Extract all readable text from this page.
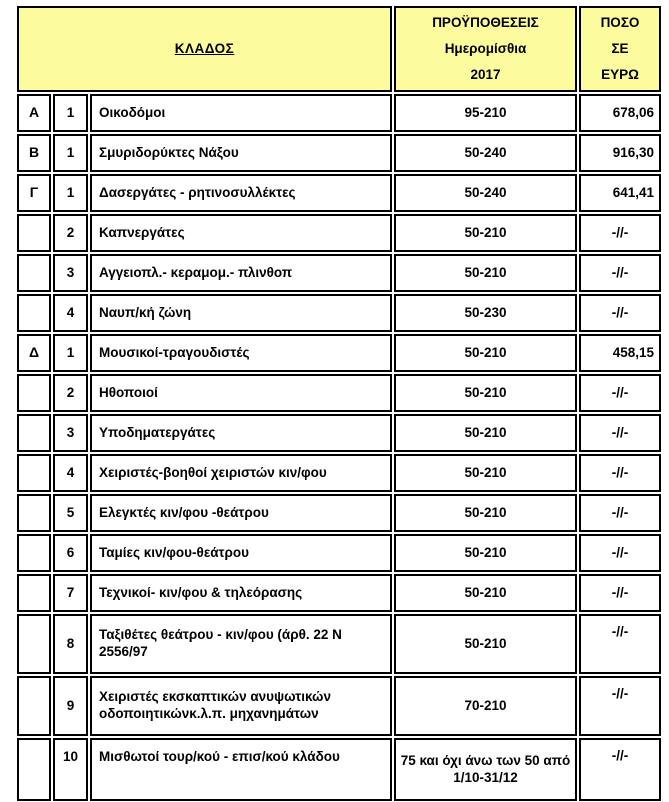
ΚΛΑΔΟΣ	
ΠΡΟΫΠΟΘΕΣΕΙΣ
Ημερομίσθια
2017

ΠΟΣΟ
ΣΕ
ΕΥΡΩ

Α	1	Οικοδόμοι	95-210	678,06
Β	1	Σμυριδορύκτες Νάξου	50-240	916,30
Γ	1	Δασεργάτες - ρητινοσυλλέκτες	50-240	641,41
	2	Καπνεργάτες	50-210	-//-
	3	Αγγειοπλ.- κεραμομ.- πλινθοπ	50-210	-//-
	4	Ναυπ/κή ζώνη	50-230	-//-
Δ	1	Μουσικοί-τραγουδιστές	50-210	458,15
	2	Ηθοποιοί	50-210	-//-
	3	Υποδηματεργάτες	50-210	-//-
	4	Χειριστές-βοηθοί χειριστών κιν/φου	50-210	-//-
	5	Ελεγκτές κιν/φου -θεάτρου	50-210	-//-
	6	Ταμίες κιν/φου-θεάτρου	50-210	-//-
	7	Τεχνικοί- κιν/φου & τηλεόρασης	50-210	-//-
	8	Ταξιθέτες θεάτρου - κιν/φου (άρθ. 22 Ν 2556/97	50-210	-//-
	9	Χειριστές εκσκαπτικών ανυψωτικών οδοποιητικώνκ.λ.π. μηχανημάτων	70-210	-//-
	10	Μισθωτοί τουρ/κού - επισ/κού κλάδου	75 και όχι άνω των 50 από 1/10-31/12	-//-
